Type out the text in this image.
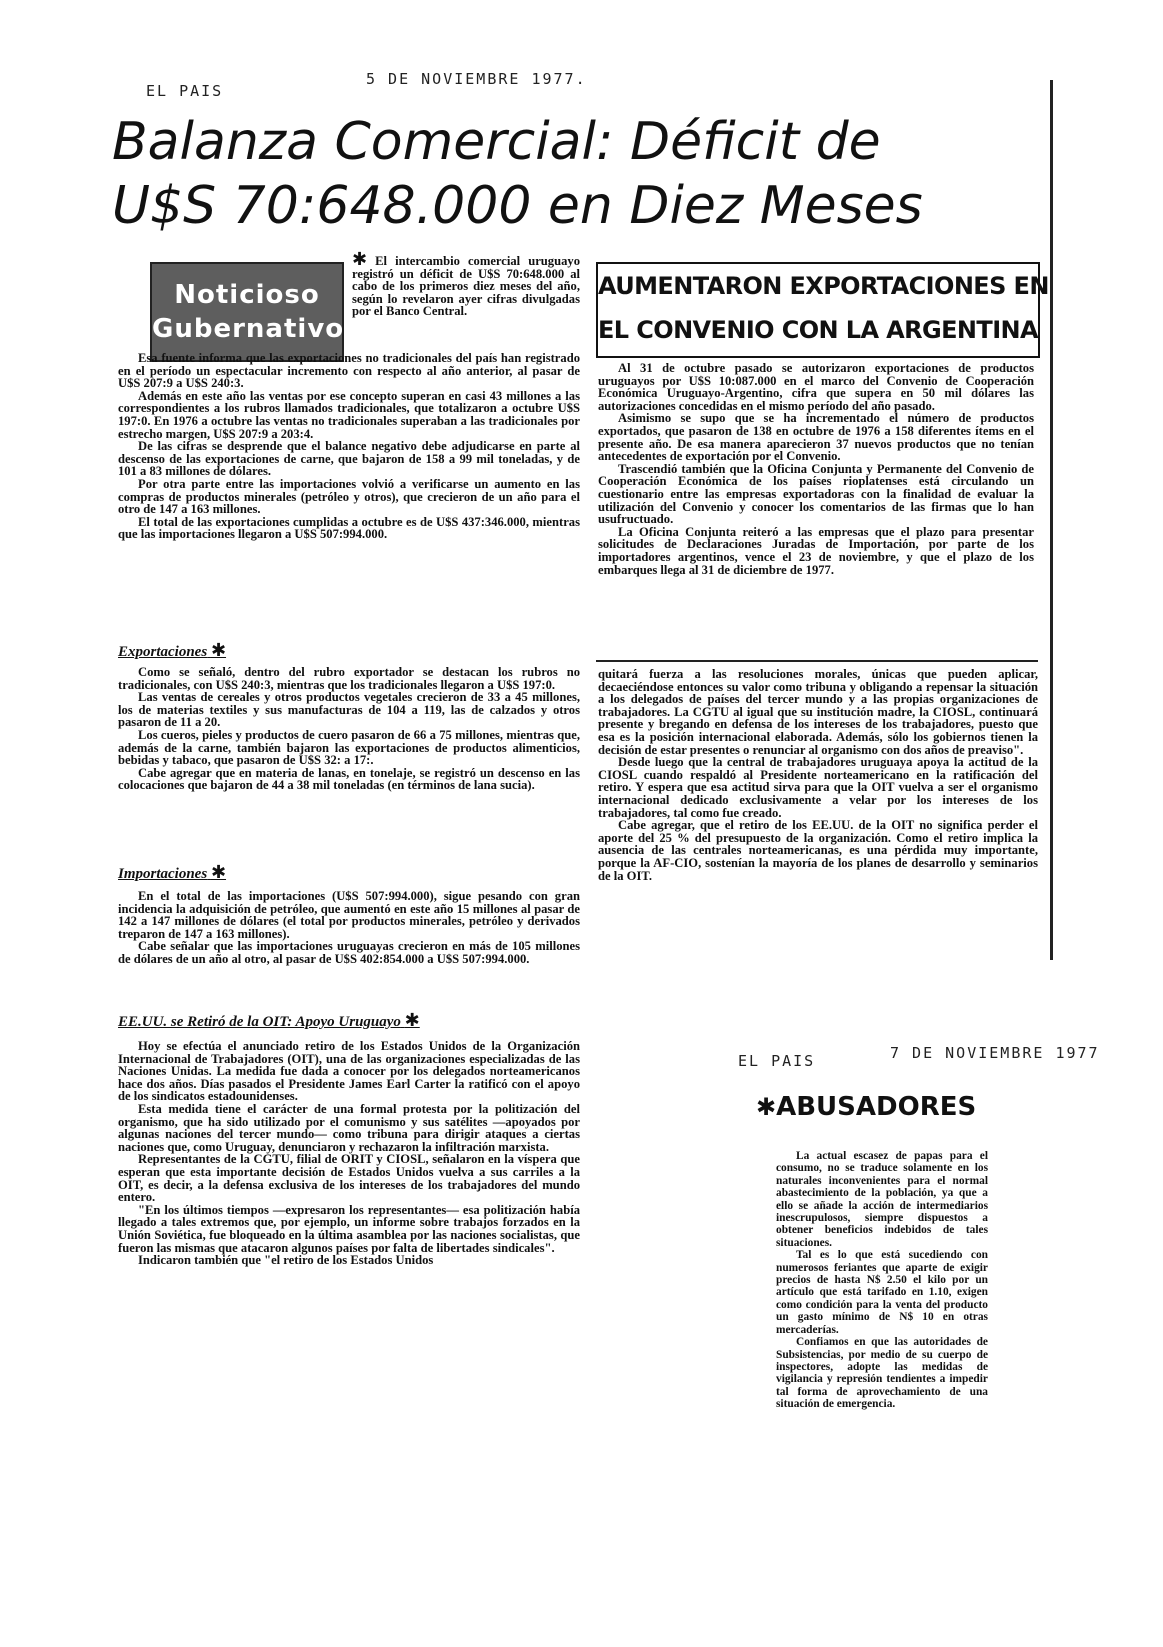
EL PAIS
5 DE NOVIEMBRE 1977.
Balanza Comercial: Déficit de
U$S 70:648.000 en Diez Meses
Noticioso
Gubernativo

✱ El intercambio comercial uruguayo registró un déficit de U$S 70:648.000 al cabo de los primeros diez meses del año, según lo revelaron ayer cifras divulgadas por el Banco Central.

Esa fuente informa que las exportaciones no tradicionales del país han registrado en el período un espectacular incremento con respecto al año anterior, al pasar de U$S 207:9 a U$S 240:3.

Además en este año las ventas por ese concepto superan en casi 43 millones a las correspondientes a los rubros llamados tradicionales, que totalizaron a octubre U$S 197:0. En 1976 a octubre las ventas no tradicionales superaban a las tradicionales por estrecho margen, U$S 207:9 a 203:4.

De las cifras se desprende que el balance negativo debe adjudicarse en parte al descenso de las exportaciones de carne, que bajaron de 158 a 99 mil toneladas, y de 101 a 83 millones de dólares.

Por otra parte entre las importaciones volvió a verificarse un aumento en las compras de productos minerales (petróleo y otros), que crecieron de un año para el otro de 147 a 163 millones.

El total de las exportaciones cumplidas a octubre es de U$S 437:346.000, mientras que las importaciones llegaron a U$S 507:994.000.

Exportaciones ✱

Como se señaló, dentro del rubro exportador se destacan los rubros no tradicionales, con U$S 240:3, mientras que los tradicionales llegaron a U$S 197:0.

Las ventas de cereales y otros productos vegetales crecieron de 33 a 45 millones, los de materias textiles y sus manufacturas de 104 a 119, las de calzados y otros pasaron de 11 a 20.

Los cueros, pieles y productos de cuero pasaron de 66 a 75 millones, mientras que, además de la carne, también bajaron las exportaciones de productos alimenticios, bebidas y tabaco, que pasaron de U$S 32: a 17:.

Cabe agregar que en materia de lanas, en tonelaje, se registró un descenso en las colocaciones que bajaron de 44 a 38 mil toneladas (en términos de lana sucia).

Importaciones ✱

En el total de las importaciones (U$S 507:994.000), sigue pesando con gran incidencia la adquisición de petróleo, que aumentó en este año 15 millones al pasar de 142 a 147 millones de dólares (el total por productos minerales, petróleo y derivados treparon de 147 a 163 millones).

Cabe señalar que las importaciones uruguayas crecieron en más de 105 millones de dólares de un año al otro, al pasar de U$S 402:854.000 a U$S 507:994.000.

EE.UU. se Retiró de la OIT: Apoyo Uruguayo ✱

Hoy se efectúa el anunciado retiro de los Estados Unidos de la Organización Internacional de Trabajadores (OIT), una de las organizaciones especializadas de las Naciones Unidas. La medida fue dada a conocer por los delegados norteamericanos hace dos años. Días pasados el Presidente James Earl Carter la ratificó con el apoyo de los sindicatos estadounidenses.

Esta medida tiene el carácter de una formal protesta por la politización del organismo, que ha sido utilizado por el comunismo y sus satélites —apoyados por algunas naciones del tercer mundo— como tribuna para dirigir ataques a ciertas naciones que, como Uruguay, denunciaron y rechazaron la infiltración marxista.

Representantes de la CGTU, filial de ORIT y CIOSL, señalaron en la víspera que esperan que esta importante decisión de Estados Unidos vuelva a sus carriles a la OIT, es decir, a la defensa exclusiva de los intereses de los trabajadores del mundo entero.

"En los últimos tiempos —expresaron los representantes— esa politización había llegado a tales extremos que, por ejemplo, un informe sobre trabajos forzados en la Unión Soviética, fue bloqueado en la última asamblea por las naciones socialistas, que fueron las mismas que atacaron algunos países por falta de libertades sindicales".

Indicaron también que "el retiro de los Estados Unidos

AUMENTARON EXPORTACIONES EN
EL CONVENIO CON LA ARGENTINA

Al 31 de octubre pasado se autorizaron exportaciones de productos uruguayos por U$S 10:087.000 en el marco del Convenio de Cooperación Económica Uruguayo-Argentino, cifra que supera en 50 mil dólares las autorizaciones concedidas en el mismo período del año pasado.

Asimismo se supo que se ha incrementado el número de productos exportados, que pasaron de 138 en octubre de 1976 a 158 diferentes ítems en el presente año. De esa manera aparecieron 37 nuevos productos que no tenían antecedentes de exportación por el Convenio.

Trascendió también que la Oficina Conjunta y Permanente del Convenio de Cooperación Económica de los países rioplatenses está circulando un cuestionario entre las empresas exportadoras con la finalidad de evaluar la utilización del Convenio y conocer los comentarios de las firmas que lo han usufructuado.

La Oficina Conjunta reiteró a las empresas que el plazo para presentar solicitudes de Declaraciones Juradas de Importación, por parte de los importadores argentinos, vence el 23 de noviembre, y que el plazo de los embarques llega al 31 de diciembre de 1977.

quitará fuerza a las resoluciones morales, únicas que pueden aplicar, decaeciéndose entonces su valor como tribuna y obligando a repensar la situación a los delegados de países del tercer mundo y a las propias organizaciones de trabajadores. La CGTU al igual que su institución madre, la CIOSL, continuará presente y bregando en defensa de los intereses de los trabajadores, puesto que esa es la posición internacional elaborada. Además, sólo los gobiernos tienen la decisión de estar presentes o renunciar al organismo con dos años de preaviso".

Desde luego que la central de trabajadores uruguaya apoya la actitud de la CIOSL cuando respaldó al Presidente norteamericano en la ratificación del retiro. Y espera que esa actitud sirva para que la OIT vuelva a ser el organismo internacional dedicado exclusivamente a velar por los intereses de los trabajadores, tal como fue creado.

Cabe agregar, que el retiro de los EE.UU. de la OIT no significa perder el aporte del 25 % del presupuesto de la organización. Como el retiro implica la ausencia de las centrales norteamericanas, es una pérdida muy importante, porque la AF-CIO, sostenían la mayoría de los planes de desarrollo y seminarios de la OIT.

EL PAIS	7 DE NOVIEMBRE 1977
✱ABUSADORES

La actual escasez de papas para el consumo, no se traduce solamente en los naturales inconvenientes para el normal abastecimiento de la población, ya que a ello se añade la acción de intermediarios inescrupulosos, siempre dispuestos a obtener beneficios indebidos de tales situaciones.

Tal es lo que está sucediendo con numerosos feriantes que aparte de exigir precios de hasta N$ 2.50 el kilo por un artículo que está tarifado en 1.10, exigen como condición para la venta del producto un gasto mínimo de N$ 10 en otras mercaderías.

Confiamos en que las autoridades de Subsistencias, por medio de su cuerpo de inspectores, adopte las medidas de vigilancia y represión tendientes a impedir tal forma de aprovechamiento de una situación de emergencia.
